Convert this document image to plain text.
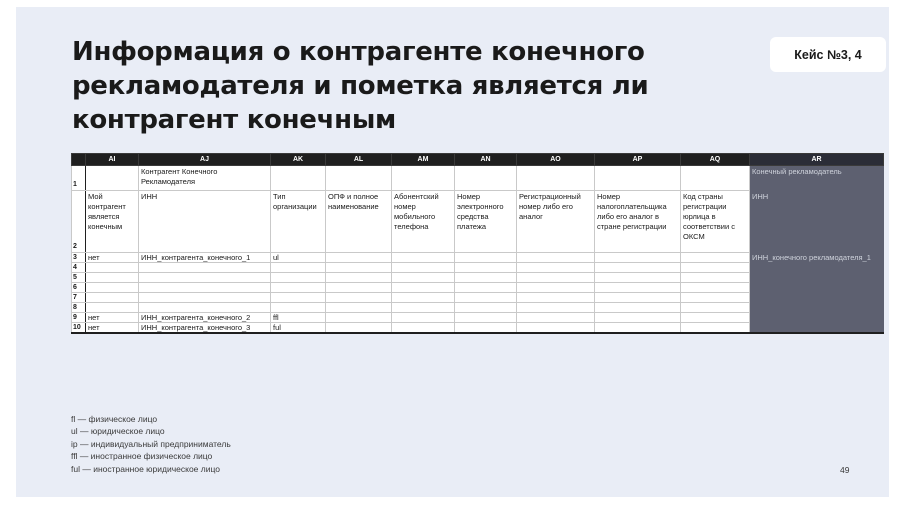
Информация о контрагенте конечного рекламодателя и пометка является ли контрагент конечным
Кейс №3, 4
	AI	AJ	AK	AL	AM	AN	AO	AP	AQ	AR
1		Контрагент Конечного Рекламодателя								Конечный рекламодатель
2	Мой контрагент является конечным	ИНН	Тип организации	ОПФ и полное наименование	Абонентский номер мобильного телефона	Номер электронного средства платежа	Регистрационный номер либо его аналог	Номер налогоплательщика либо его аналог в стране регистрации	Код страны регистрации юрлица в соответствии с ОКСМ	ИНН
3	нет	ИНН_контрагента_конечного_1	ul							ИНН_конечного рекламодателя_1
4										
5										
6										
7										
8										
9	нет	ИНН_контрагента_конечного_2	ffl							
10	нет	ИНН_контрагента_конечного_3	ful							
fl — физическое лицо
ul — юридическое лицо
ip — индивидуальный предприниматель
ffl — иностранное физическое лицо
ful — иностранное юридическое лицо	49
